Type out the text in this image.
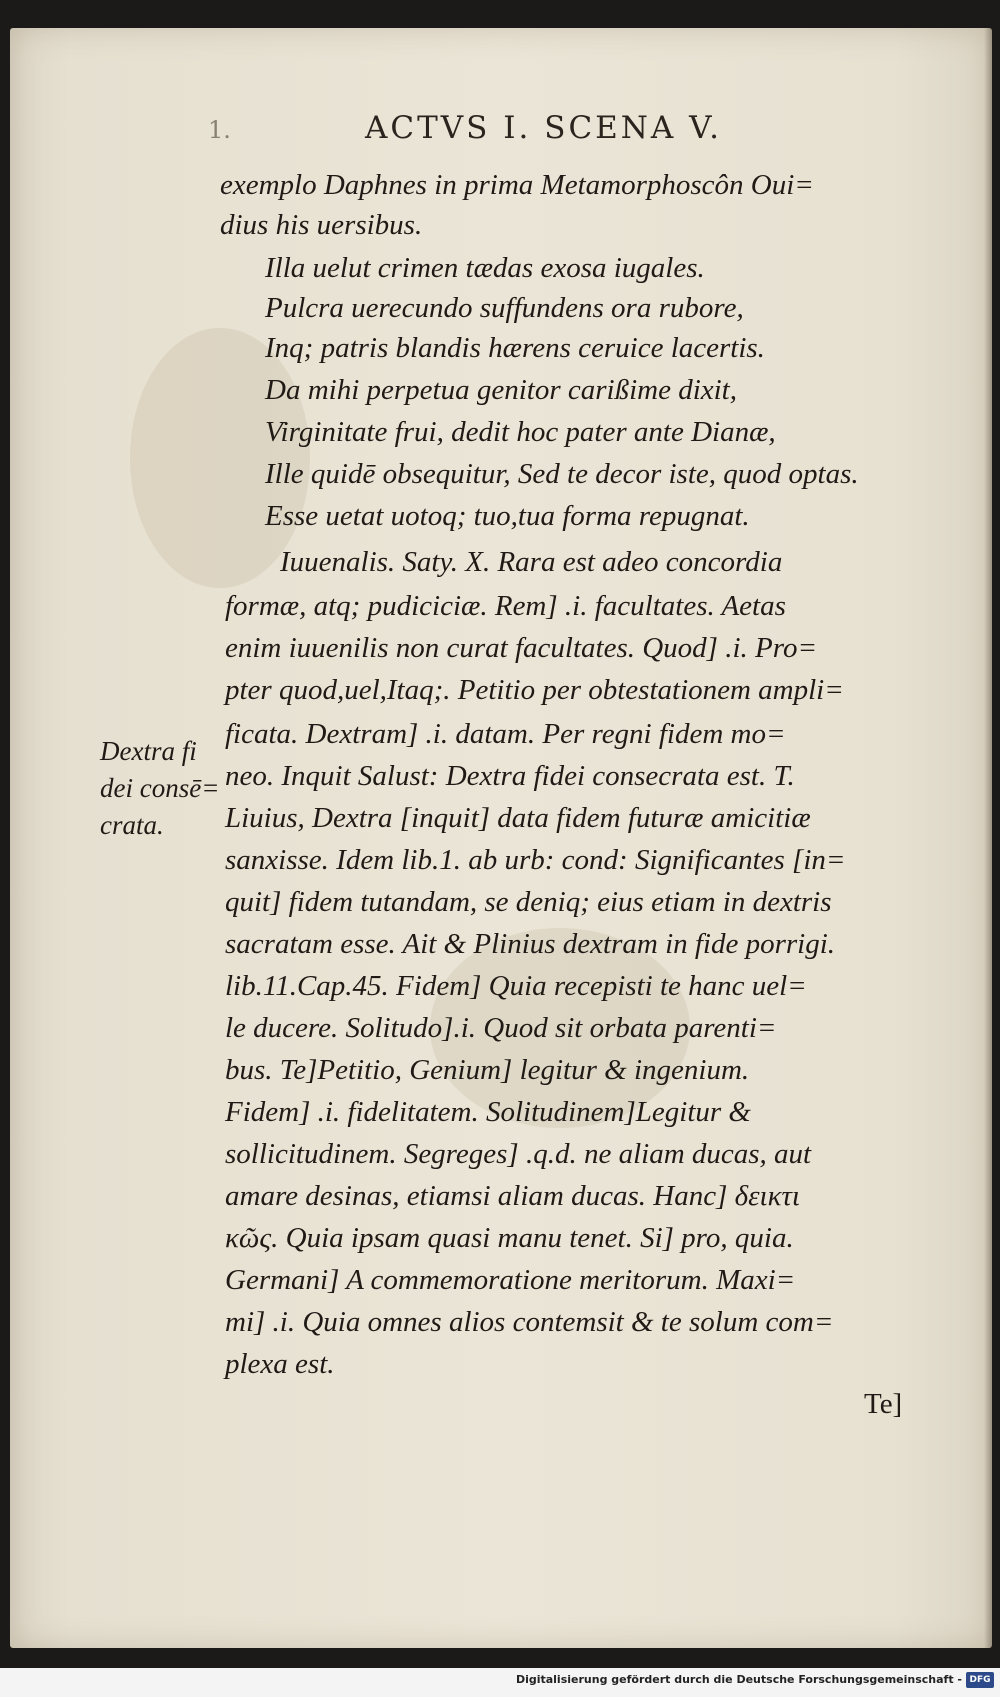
1.	ACTVS I. SCENA V.
exemplo Daphnes in prima Metamorphoscôn Oui=
dius his uersibus.
Illa uelut crimen tædas exosa iugales.
Pulcra uerecundo suffundens ora rubore,
Inq; patris blandis hærens ceruice lacertis.
Da mihi perpetua genitor carißime dixit,
Virginitate frui, dedit hoc pater ante Dianæ,
Ille quidē obsequitur, Sed te decor iste, quod optas.
Esse uetat uotoq; tuo,tua forma repugnat.
Iuuenalis. Saty. X. Rara est adeo concordia
formæ, atq; pudiciciæ. Rem] .i. facultates. Aetas
enim iuuenilis non curat facultates. Quod] .i. Pro=
pter quod,uel,Itaq;. Petitio per obtestationem ampli=
ficata. Dextram] .i. datam. Per regni fidem mo=
neo. Inquit Salust: Dextra fidei consecrata est. T.
Liuius, Dextra [inquit] data fidem futuræ amicitiæ
sanxisse. Idem lib.1. ab urb: cond: Significantes [in=
quit] fidem tutandam, se deniq; eius etiam in dextris
sacratam esse. Ait & Plinius dextram in fide porrigi.
lib.11.Cap.45. Fidem] Quia recepisti te hanc uel=
le ducere. Solitudo].i. Quod sit orbata parenti=
bus. Te]Petitio, Genium] legitur & ingenium.
Fidem] .i. fidelitatem. Solitudinem]Legitur &
sollicitudinem. Segreges] .q.d. ne aliam ducas, aut
amare desinas, etiamsi aliam ducas. Hanc] δεικτι
κῶς. Quia ipsam quasi manu tenet. Si] pro, quia.
Germani] A commemoratione meritorum. Maxi=
mi] .i. Quia omnes alios contemsit & te solum com=
plexa est.
Dextra fi
dei consē=
crata.
Te]
Digitalisierung gefördert durch die Deutsche Forschungsgemeinschaft - DFG
